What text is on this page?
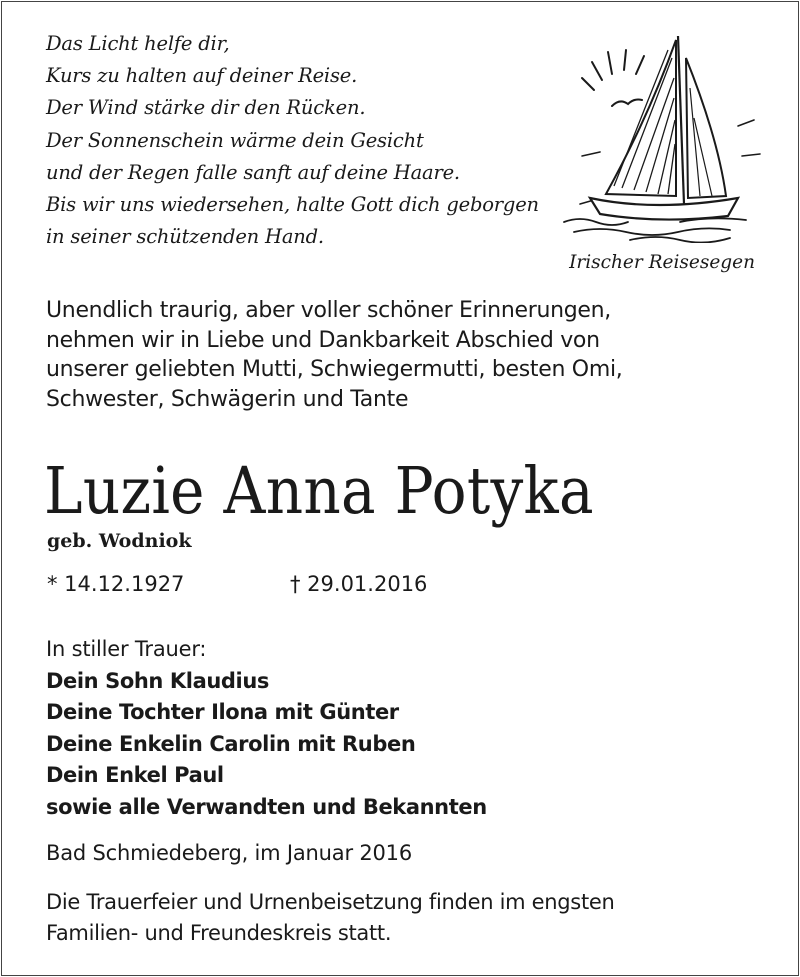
Das Licht helfe dir,
Kurs zu halten auf deiner Reise.
Der Wind stärke dir den Rücken.
Der Sonnenschein wärme dein Gesicht
und der Regen falle sanft auf deine Haare.
Bis wir uns wiedersehen, halte Gott dich geborgen
in seiner schützenden Hand.
Irischer Reisesegen
Unendlich traurig, aber voller schöner Erinnerungen,
nehmen wir in Liebe und Dankbarkeit Abschied von
unserer geliebten Mutti, Schwiegermutti, besten Omi,
Schwester, Schwägerin und Tante
Luzie Anna Potyka
geb. Wodniok
* 14.12.1927	† 29.01.2016
In stiller Trauer:
Dein Sohn Klaudius
Deine Tochter Ilona mit Günter
Deine Enkelin Carolin mit Ruben
Dein Enkel Paul
sowie alle Verwandten und Bekannten
Bad Schmiedeberg, im Januar 2016
Die Trauerfeier und Urnenbeisetzung finden im engsten
Familien- und Freundeskreis statt.
